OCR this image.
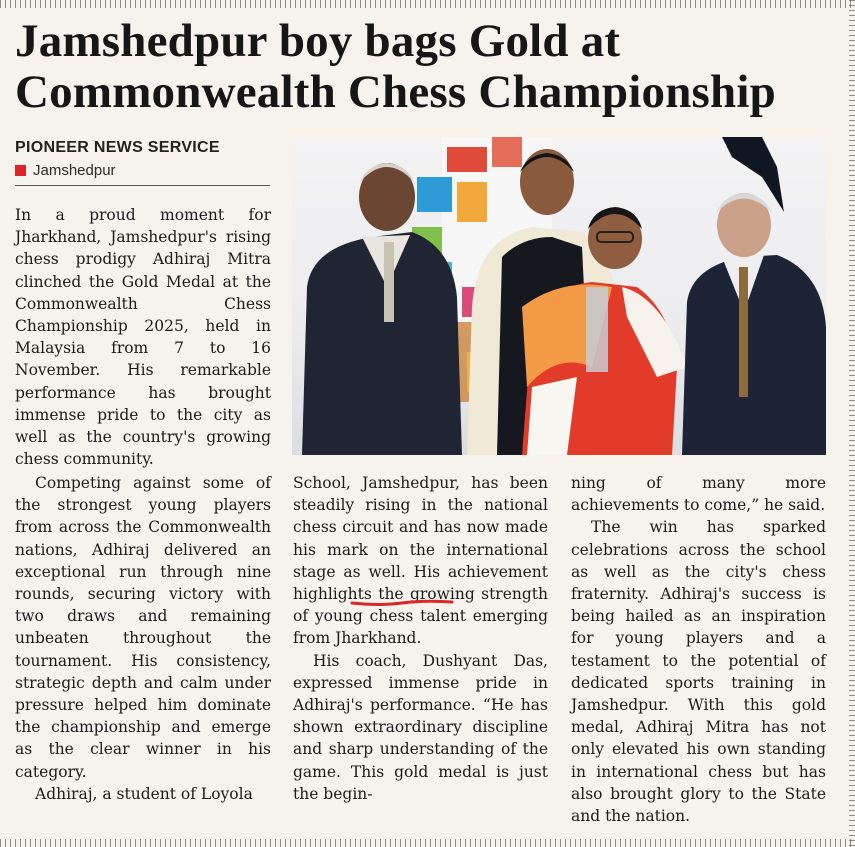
Jamshedpur boy bags Gold at Commonwealth Chess Championship
PIONEER NEWS SERVICE
Jamshedpur

In a proud moment for Jharkhand, Jamshedpur's rising chess prodigy Adhiraj Mitra clinched the Gold Medal at the Commonwealth Chess Championship 2025, held in Malaysia from 7 to 16 November. His remarkable performance has brought immense pride to the city as well as the country's growing chess community.

Competing against some of the strongest young players from across the Commonwealth nations, Adhiraj delivered an exceptional run through nine rounds, securing victory with two draws and remaining unbeaten throughout the tournament. His consistency, strategic depth and calm under pressure helped him dominate the championship and emerge as the clear winner in his category.

Adhiraj, a student of Loyola

School, Jamshedpur, has been steadily rising in the national chess circuit and has now made his mark on the international stage as well. His achievement highlights the growing strength of young chess talent emerging from Jharkhand.

His coach, Dushyant Das, expressed immense pride in Adhiraj's performance. “He has shown extraordinary discipline and sharp understanding of the game. This gold medal is just the begin-

ning of many more achievements to come,” he said.

The win has sparked celebrations across the school as well as the city's chess fraternity. Adhiraj's success is being hailed as an inspiration for young players and a testament to the potential of dedicated sports training in Jamshedpur. With this gold medal, Adhiraj Mitra has not only elevated his own standing in international chess but has also brought glory to the State and the nation.
